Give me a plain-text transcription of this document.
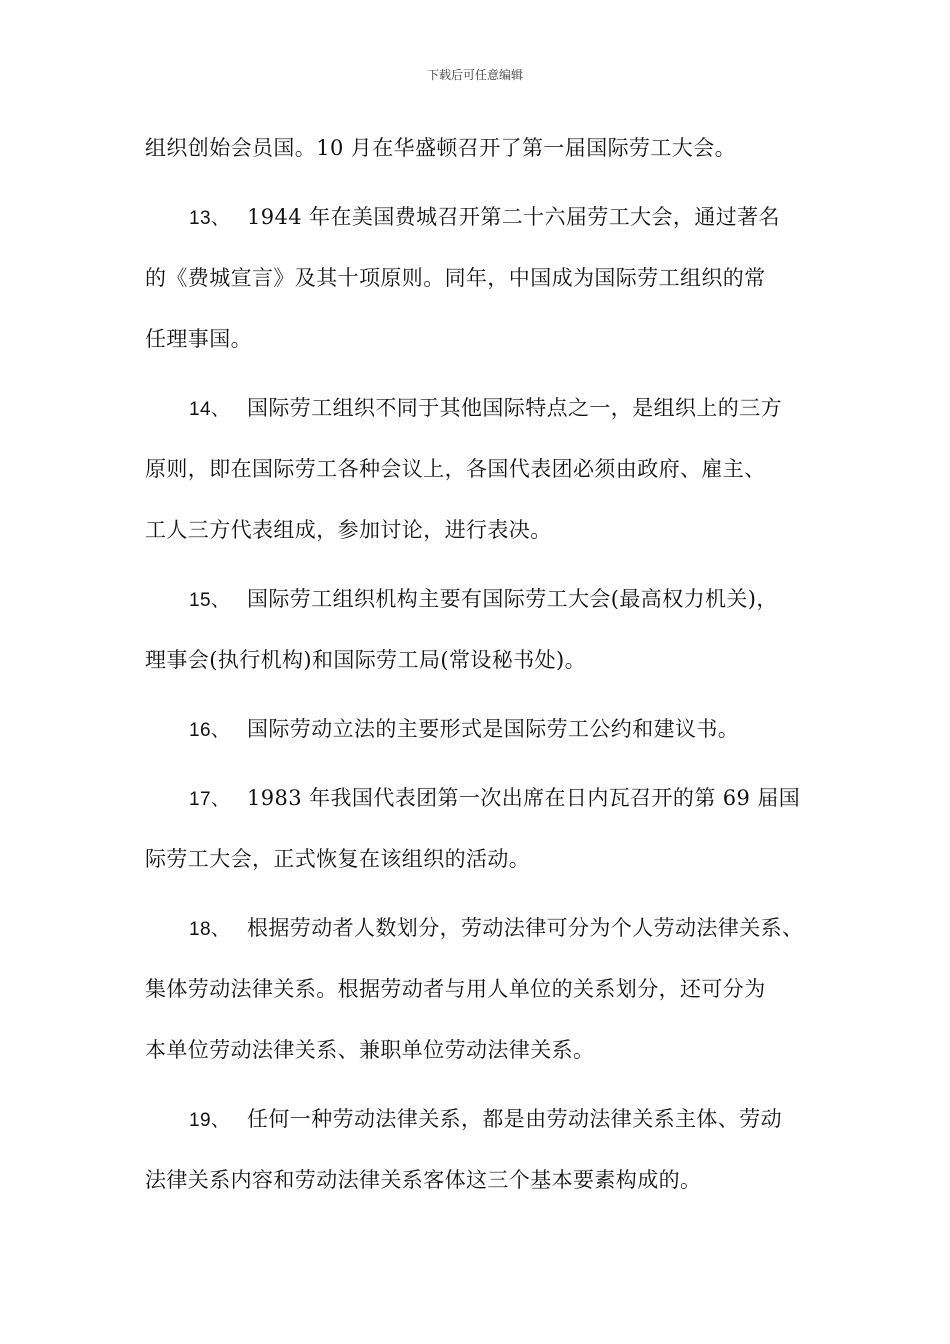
下载后可任意编辑
组织创始会员国。10 月在华盛顿召开了第一届国际劳工大会。
13、 1944 年在美国费城召开第二十六届劳工大会，通过著名
的《费城宣言》及其十项原则。同年，中国成为国际劳工组织的常
任理事国。
14、 国际劳工组织不同于其他国际特点之一，是组织上的三方
原则，即在国际劳工各种会议上，各国代表团必须由政府、雇主、
工人三方代表组成，参加讨论，进行表决。
15、 国际劳工组织机构主要有国际劳工大会(最高权力机关)，
理事会(执行机构)和国际劳工局(常设秘书处)。
16、 国际劳动立法的主要形式是国际劳工公约和建议书。
17、 1983 年我国代表团第一次出席在日内瓦召开的第 69 届国
际劳工大会，正式恢复在该组织的活动。
18、 根据劳动者人数划分，劳动法律可分为个人劳动法律关系、
集体劳动法律关系。根据劳动者与用人单位的关系划分，还可分为
本单位劳动法律关系、兼职单位劳动法律关系。
19、 任何一种劳动法律关系，都是由劳动法律关系主体、劳动
法律关系内容和劳动法律关系客体这三个基本要素构成的。
